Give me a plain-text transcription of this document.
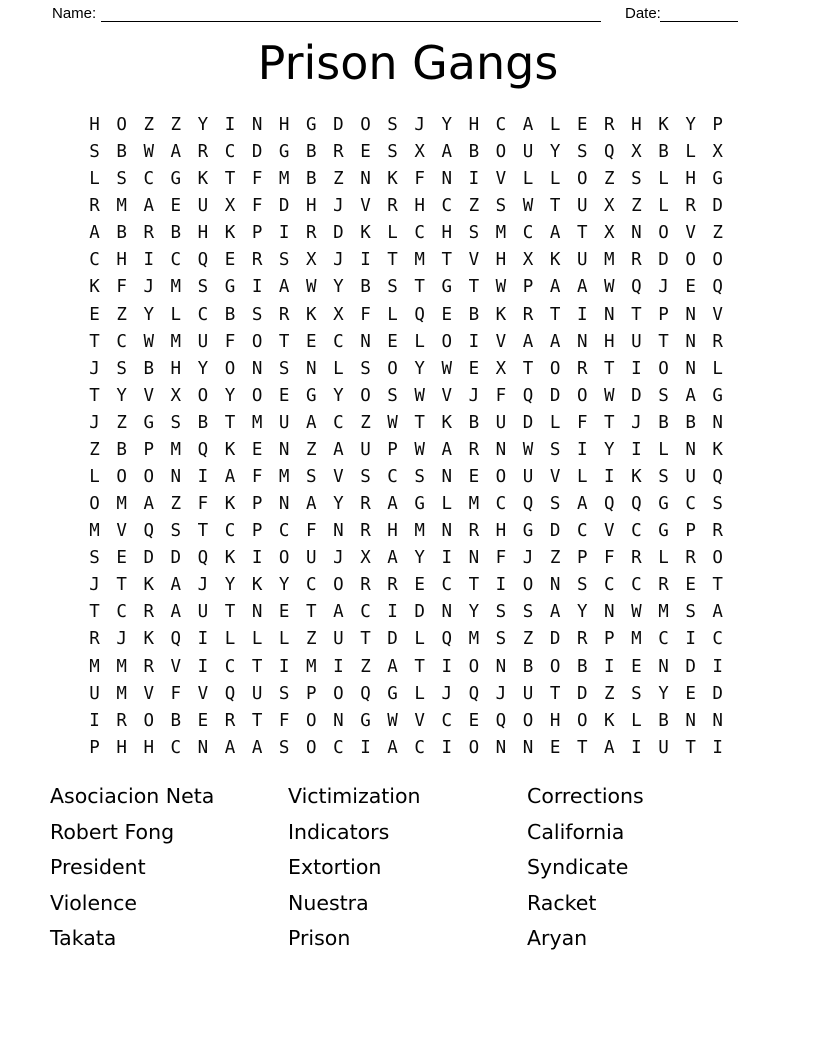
Name:	Date:
Prison Gangs
H O Z Z Y I N H G D O S J Y H C A L E R H K Y P
S B W A R C D G B R E S X A B O U Y S Q X B L X
L S C G K T F M B Z N K F N I V L L O Z S L H G
R M A E U X F D H J V R H C Z S W T U X Z L R D
A B R B H K P I R D K L C H S M C A T X N O V Z
C H I C Q E R S X J I T M T V H X K U M R D O O
K F J M S G I A W Y B S T G T W P A A W Q J E Q
E Z Y L C B S R K X F L Q E B K R T I N T P N V
T C W M U F O T E C N E L O I V A A N H U T N R
J S B H Y O N S N L S O Y W E X T O R T I O N L
T Y V X O Y O E G Y O S W V J F Q D O W D S A G
J Z G S B T M U A C Z W T K B U D L F T J B B N
Z B P M Q K E N Z A U P W A R N W S I Y I L N K
L O O N I A F M S V S C S N E O U V L I K S U Q
O M A Z F K P N A Y R A G L M C Q S A Q Q G C S
M V Q S T C P C F N R H M N R H G D C V C G P R
S E D D Q K I O U J X A Y I N F J Z P F R L R O
J T K A J Y K Y C O R R E C T I O N S C C R E T
T C R A U T N E T A C I D N Y S S A Y N W M S A
R J K Q I L L L Z U T D L Q M S Z D R P M C I C
M M R V I C T I M I Z A T I O N B O B I E N D I
U M V F V Q U S P O Q G L J Q J U T D Z S Y E D
I R O B E R T F O N G W V C E Q O H O K L B N N
P H H C N A A S O C I A C I O N N E T A I U T I
Asociacion Neta
Robert Fong
President
Violence
Takata
Victimization
Indicators
Extortion
Nuestra
Prison
Corrections
California
Syndicate
Racket
Aryan
